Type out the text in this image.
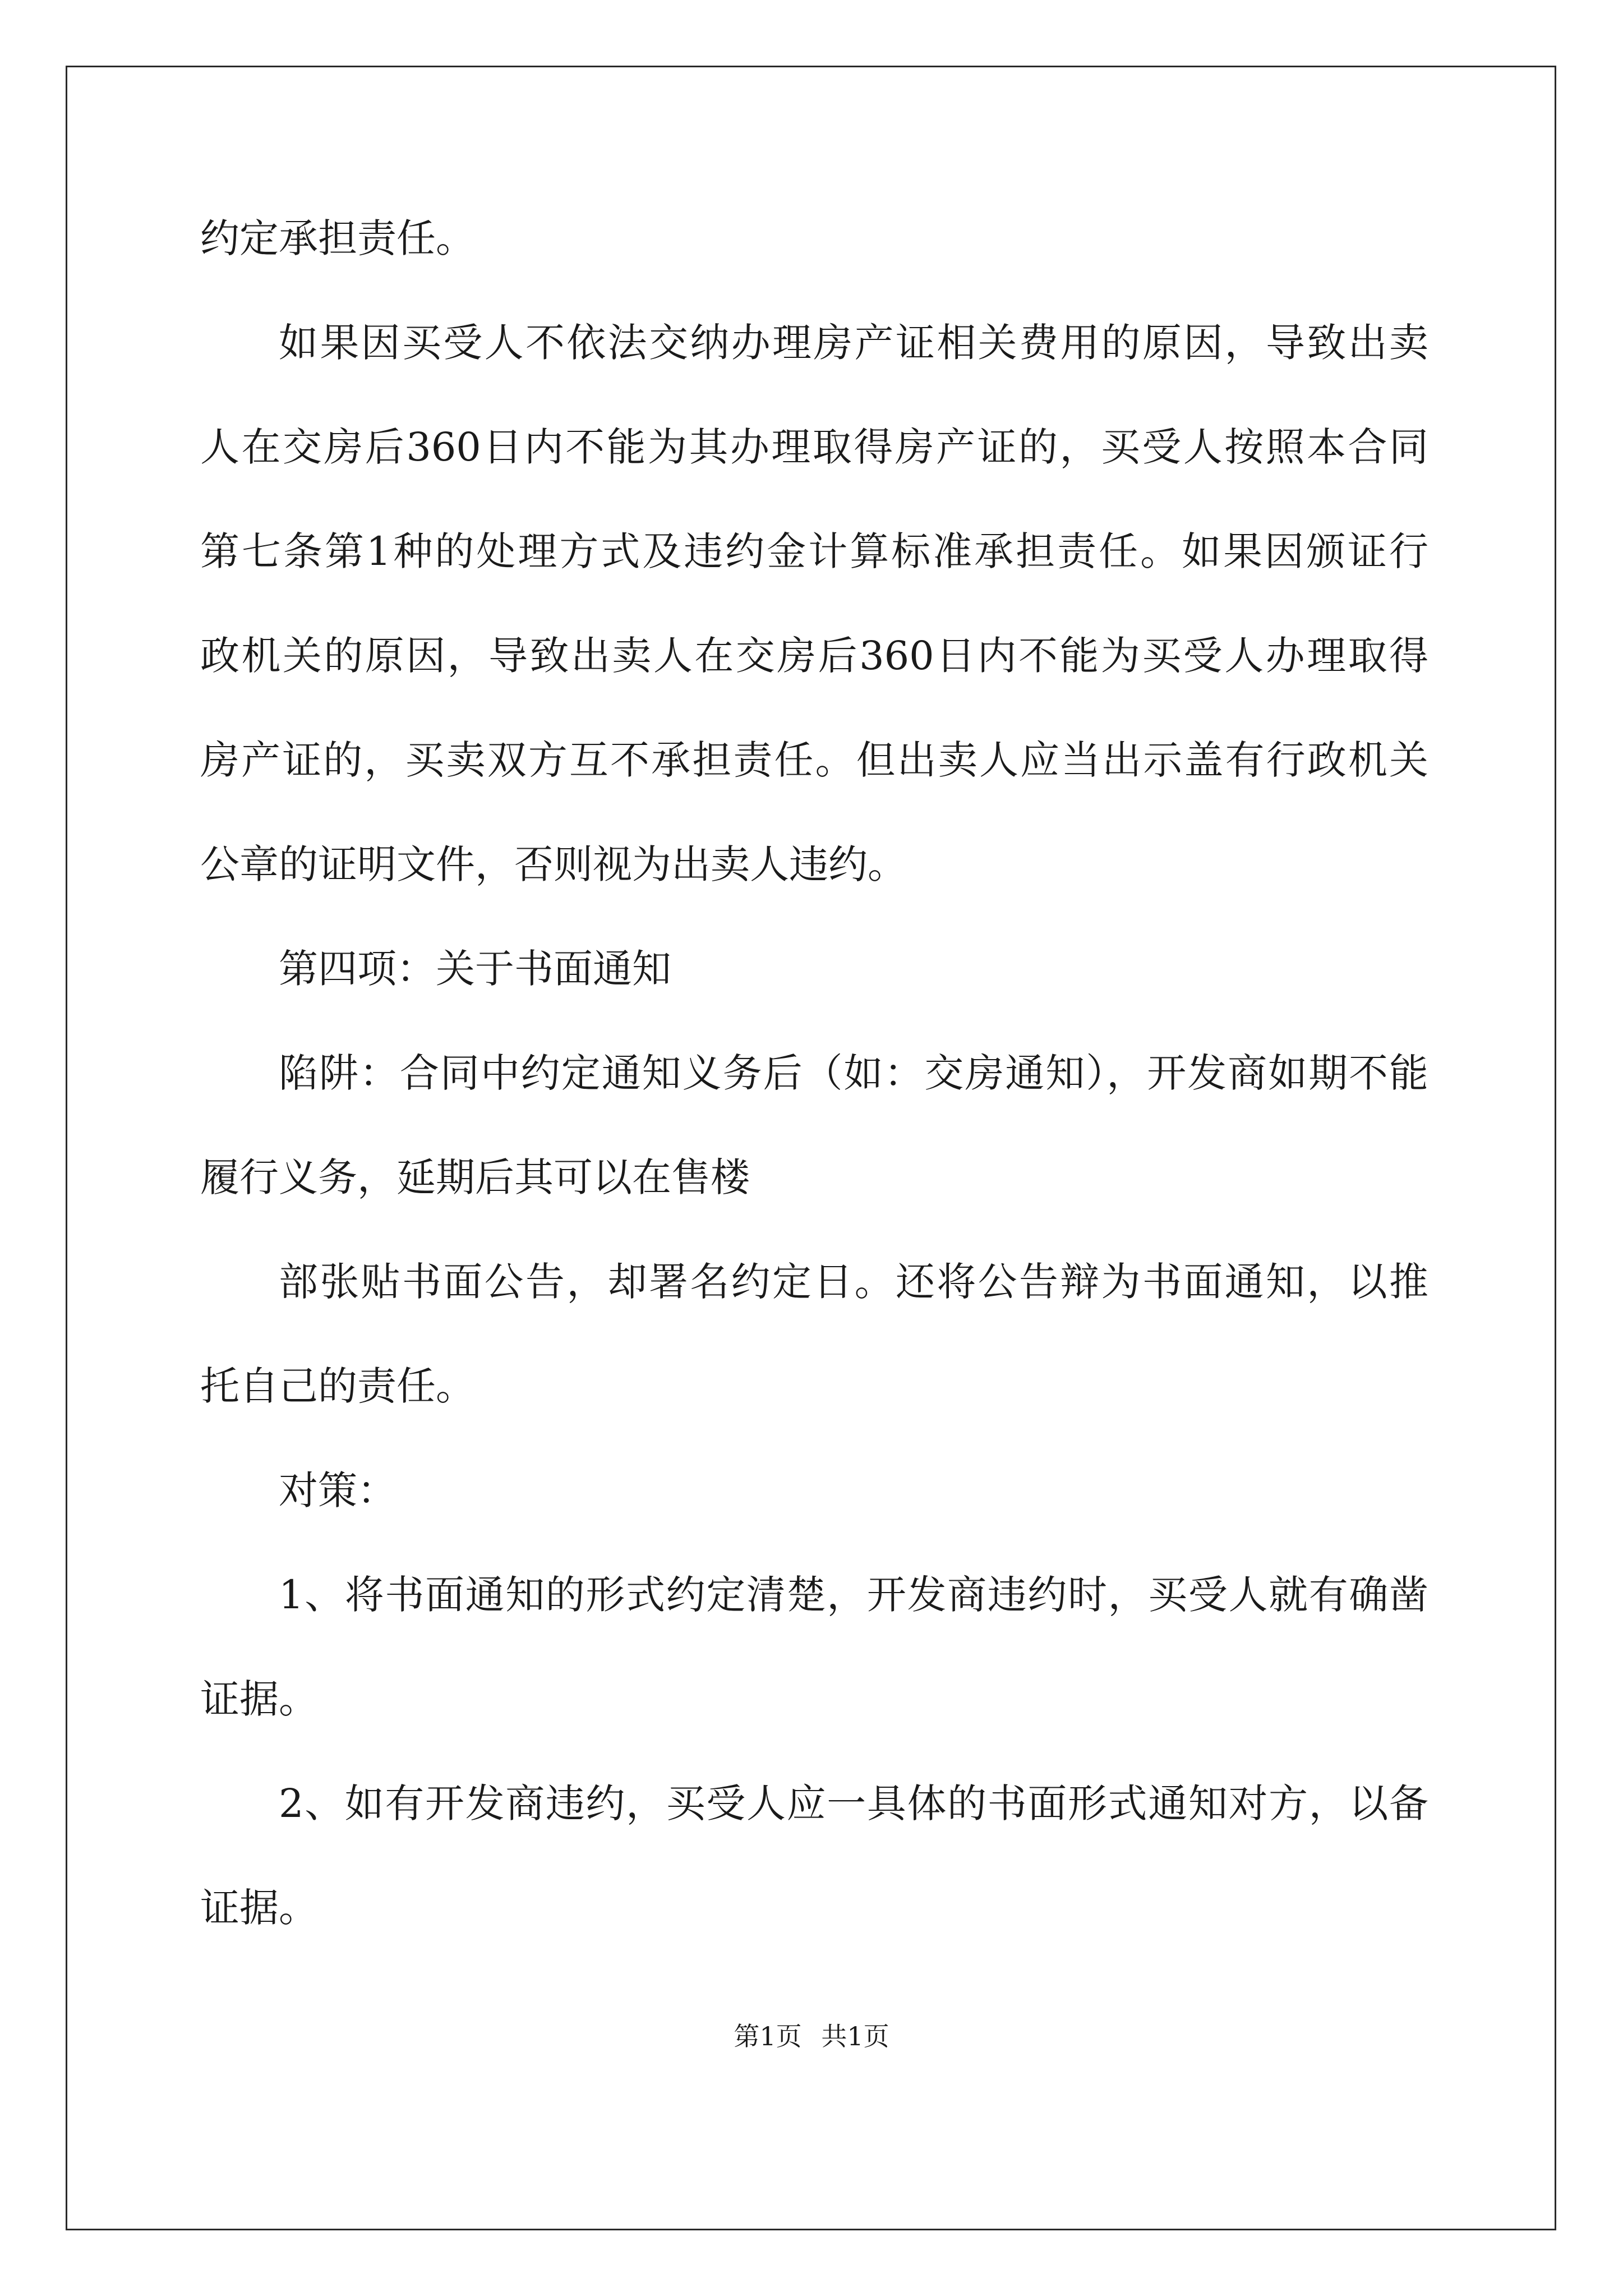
约定承担责任。
如果因买受人不依法交纳办理房产证相关费用的原因，导致出卖
人在交房后360日内不能为其办理取得房产证的，买受人按照本合同
第七条第1种的处理方式及违约金计算标准承担责任。如果因颁证行
政机关的原因，导致出卖人在交房后360日内不能为买受人办理取得
房产证的，买卖双方互不承担责任。但出卖人应当出示盖有行政机关
公章的证明文件，否则视为出卖人违约。
第四项：关于书面通知
陷阱：合同中约定通知义务后（如：交房通知），开发商如期不能
履行义务，延期后其可以在售楼
部张贴书面公告，却署名约定日。还将公告辩为书面通知，以推
托自己的责任。
对策：
1、将书面通知的形式约定清楚，开发商违约时，买受人就有确凿
证据。
2、如有开发商违约，买受人应一具体的书面形式通知对方，以备
证据。
第1页 共1页
